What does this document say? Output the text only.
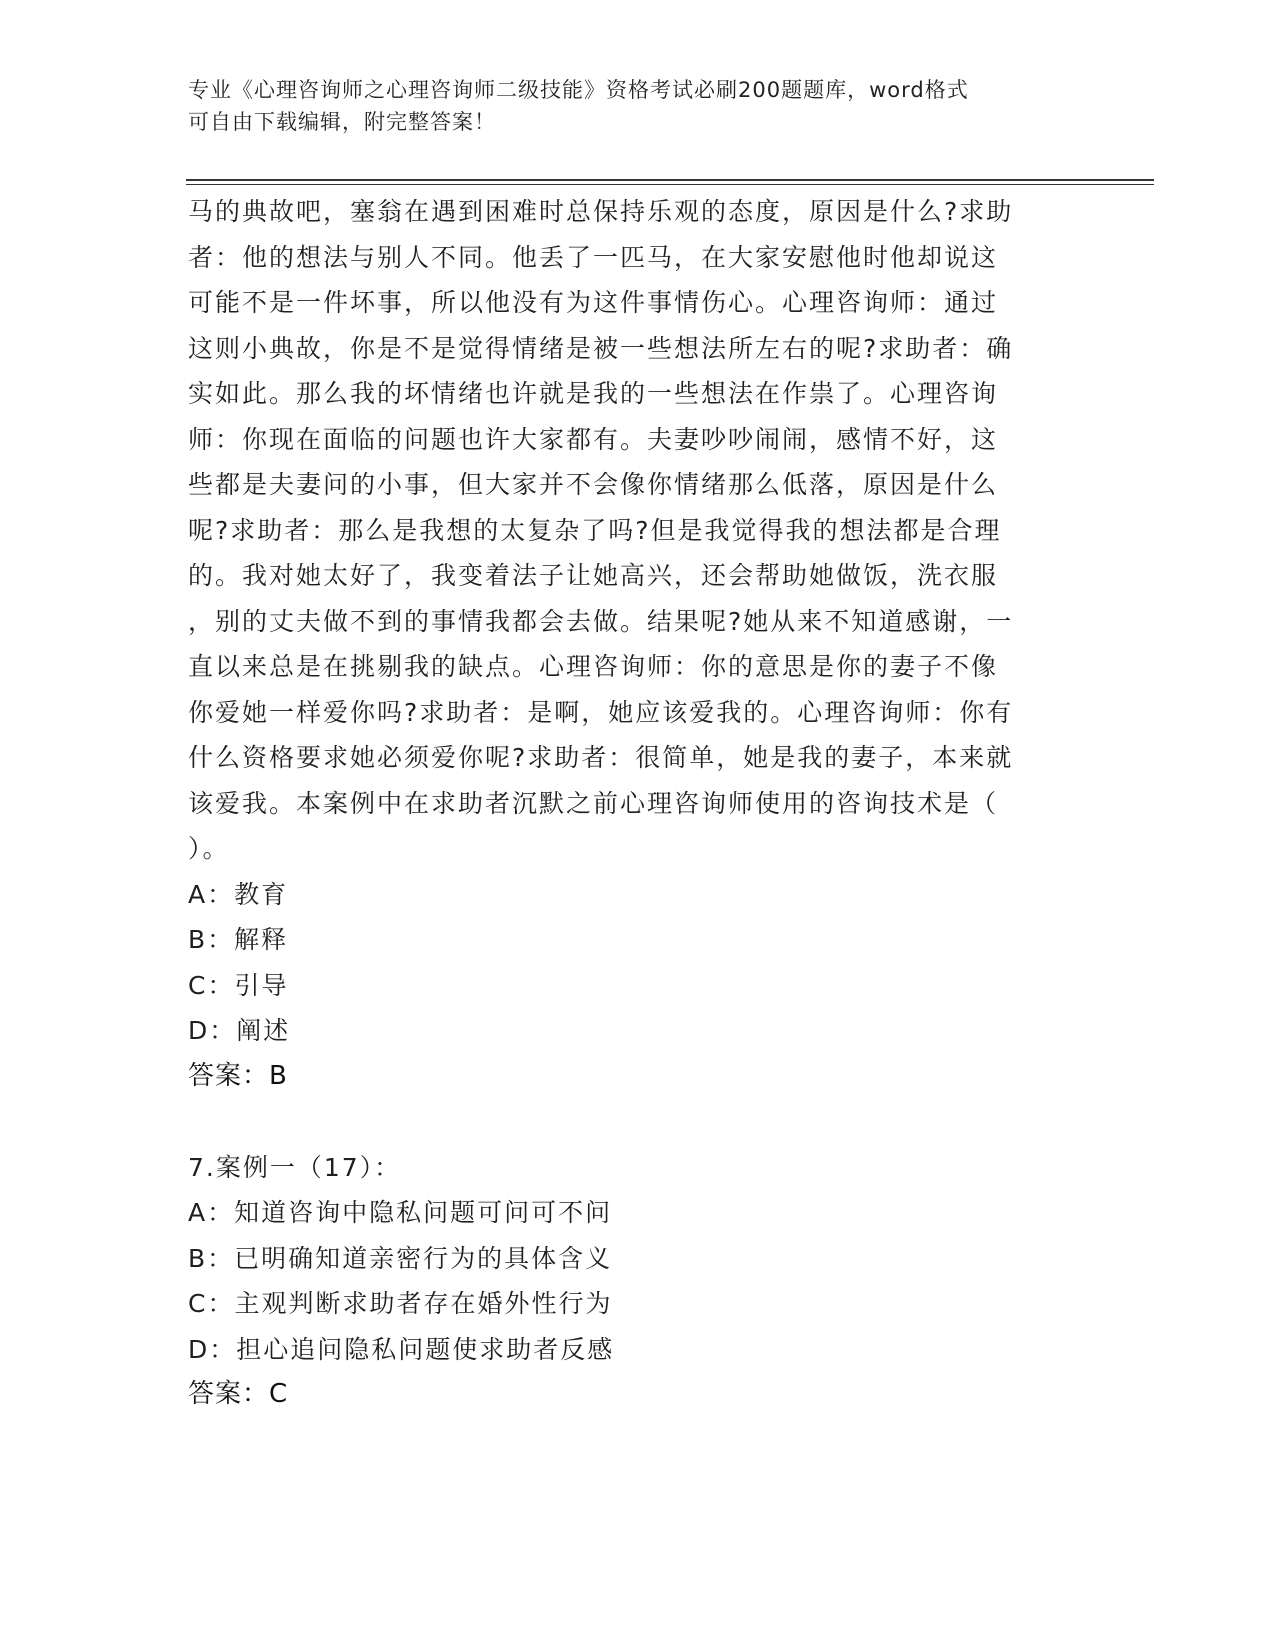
专业《心理咨询师之心理咨询师二级技能》资格考试必刷200题题库，word格式
可自由下载编辑，附完整答案！
马的典故吧，塞翁在遇到困难时总保持乐观的态度，原因是什么?求助
者：他的想法与别人不同。他丢了一匹马，在大家安慰他时他却说这
可能不是一件坏事，所以他没有为这件事情伤心。心理咨询师：通过
这则小典故，你是不是觉得情绪是被一些想法所左右的呢?求助者：确
实如此。那么我的坏情绪也许就是我的一些想法在作祟了。心理咨询
师：你现在面临的问题也许大家都有。夫妻吵吵闹闹，感情不好，这
些都是夫妻问的小事，但大家并不会像你情绪那么低落，原因是什么
呢?求助者：那么是我想的太复杂了吗?但是我觉得我的想法都是合理
的。我对她太好了，我变着法子让她高兴，还会帮助她做饭，洗衣服
，别的丈夫做不到的事情我都会去做。结果呢?她从来不知道感谢，一
直以来总是在挑剔我的缺点。心理咨询师：你的意思是你的妻子不像
你爱她一样爱你吗?求助者：是啊，她应该爱我的。心理咨询师：你有
什么资格要求她必须爱你呢?求助者：很简单，她是我的妻子，本来就
该爱我。本案例中在求助者沉默之前心理咨询师使用的咨询技术是（
）。
A：教育
B：解释
C：引导
D：阐述
答案：B
7.案例一（17）：
A：知道咨询中隐私问题可问可不问
B：已明确知道亲密行为的具体含义
C：主观判断求助者存在婚外性行为
D：担心追问隐私问题使求助者反感
答案：C
